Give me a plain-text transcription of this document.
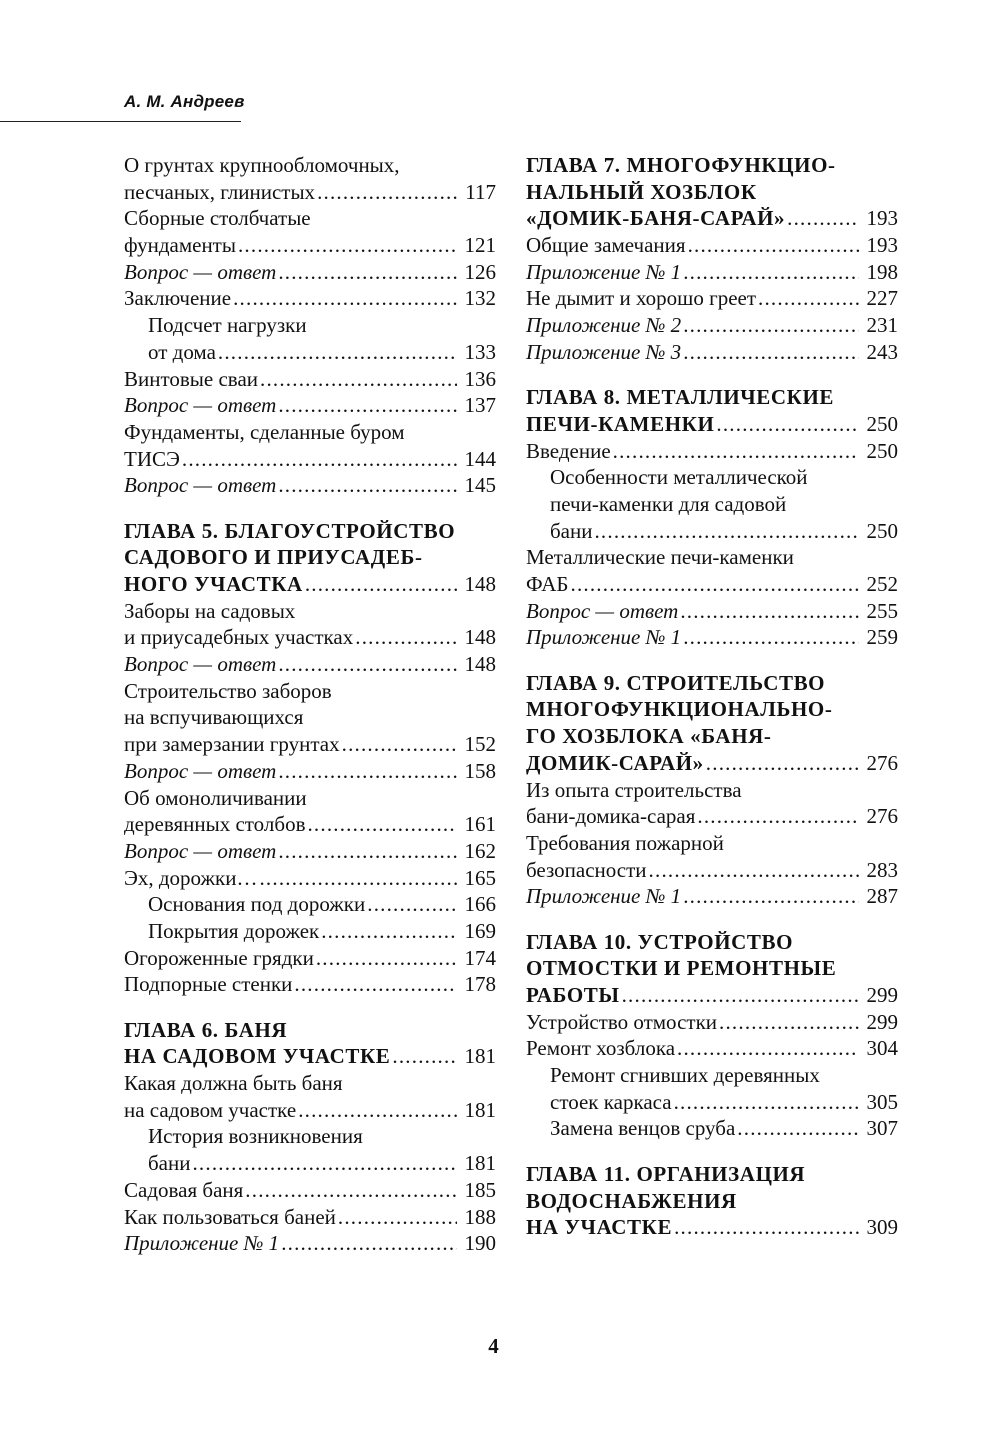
А. М. Андреев
О грунтах крупнообломочных,
песчаных, глинистых .....	117
Сборные столбчатые
фундаменты .....	121
Вопрос — ответ .....	126
Заключение .....	132
Подсчет нагрузки
от дома .....	133
Винтовые сваи .....	136
Вопрос — ответ .....	137
Фундаменты, сделанные буром
ТИСЭ .....	144
Вопрос — ответ .....	145
ГЛАВА 5. БЛАГОУСТРОЙСТВО
САДОВОГО И ПРИУСАДЕБ-
НОГО УЧАСТКА .....	148
Заборы на садовых
и приусадебных участках .....	148
Вопрос — ответ .....	148
Строительство заборов
на вспучивающихся
при замерзании грунтах .....	152
Вопрос — ответ .....	158
Об омоноличивании
деревянных столбов .....	161
Вопрос — ответ .....	162
Эх, дорожки… .....	165
Основания под дорожки .....	166
Покрытия дорожек .....	169
Огороженные грядки .....	174
Подпорные стенки .....	178
ГЛАВА 6. БАНЯ
НА САДОВОМ УЧАСТКЕ .....	181
Какая должна быть баня
на садовом участке .....	181
История возникновения
бани .....	181
Садовая баня .....	185
Как пользоваться баней .....	188
Приложение № 1 .....	190
ГЛАВА 7. МНОГОФУНКЦИО-
НАЛЬНЫЙ ХОЗБЛОК
«ДОМИК-БАНЯ-САРАЙ» .....	193
Общие замечания .....	193
Приложение № 1 .....	198
Не дымит и хорошо греет .....	227
Приложение № 2 .....	231
Приложение № 3 .....	243
ГЛАВА 8. МЕТАЛЛИЧЕСКИЕ
ПЕЧИ-КАМЕНКИ .....	250
Введение .....	250
Особенности металлической
печи-каменки для садовой
бани .....	250
Металлические печи-каменки
ФАБ .....	252
Вопрос — ответ .....	255
Приложение № 1 .....	259
ГЛАВА 9. СТРОИТЕЛЬСТВО
МНОГОФУНКЦИОНАЛЬНО-
ГО ХОЗБЛОКА «БАНЯ-
ДОМИК-САРАЙ» .....	276
Из опыта строительства
бани-домика-сарая .....	276
Требования пожарной
безопасности .....	283
Приложение № 1 .....	287
ГЛАВА 10. УСТРОЙСТВО
ОТМОСТКИ И РЕМОНТНЫЕ
РАБОТЫ .....	299
Устройство отмостки .....	299
Ремонт хозблока .....	304
Ремонт сгнивших деревянных
стоек каркаса .....	305
Замена венцов сруба .....	307
ГЛАВА 11. ОРГАНИЗАЦИЯ
ВОДОСНАБЖЕНИЯ
НА УЧАСТКЕ .....	309
4
